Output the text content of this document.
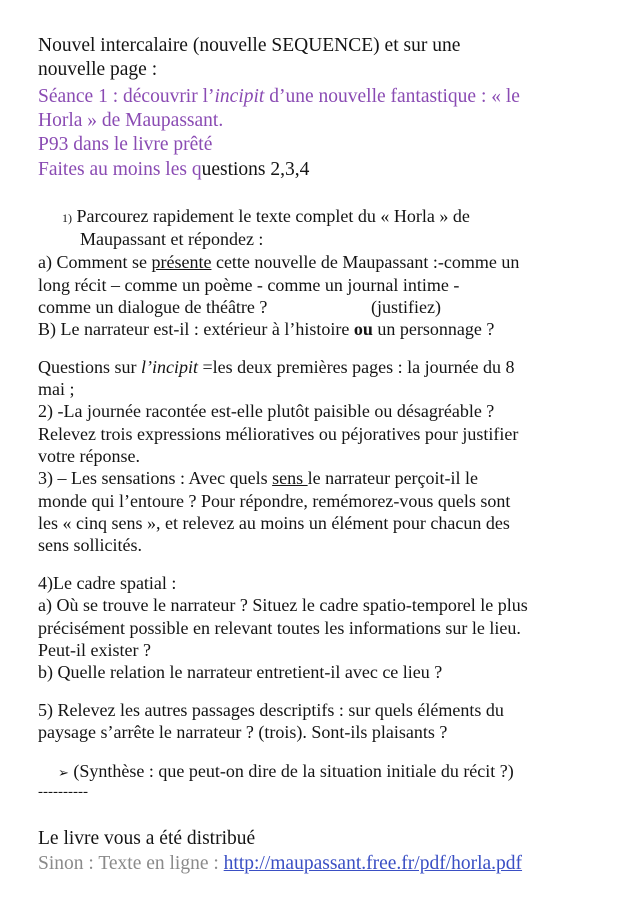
Nouvel intercalaire (nouvelle SEQUENCE) et sur une
nouvelle page :
Séance 1 : découvrir l’incipit d’une nouvelle fantastique : « le
Horla » de Maupassant.
P93 dans le livre prêté
Faites au moins les questions 2,3,4
1) Parcourez rapidement le texte complet du « Horla » de
Maupassant et répondez :
a) Comment se présente cette nouvelle de Maupassant :-comme un
long récit – comme un poème - comme un journal intime -
comme un dialogue de théâtre ?	(justifiez)
B) Le narrateur est-il : extérieur à l’histoire ou un personnage ?
Questions sur l’incipit =les deux premières pages : la journée du 8
mai ;
2) -La journée racontée est-elle plutôt paisible ou désagréable ?
Relevez trois expressions mélioratives ou péjoratives pour justifier
votre réponse.
3) – Les sensations : Avec quels sens le narrateur perçoit-il le
monde qui l’entoure ? Pour répondre, remémorez-vous quels sont
les « cinq sens », et relevez au moins un élément pour chacun des
sens sollicités.
4)Le cadre spatial :
a) Où se trouve le narrateur ? Situez le cadre spatio-temporel le plus
précisément possible en relevant toutes les informations sur le lieu.
Peut-il exister ?
b) Quelle relation le narrateur entretient-il avec ce lieu ?
5) Relevez les autres passages descriptifs : sur quels éléments du
paysage s’arrête le narrateur ? (trois). Sont-ils plaisants ?
➢ (Synthèse : que peut-on dire de la situation initiale du récit ?)
----------
Le livre vous a été distribué
Sinon : Texte en ligne : http://maupassant.free.fr/pdf/horla.pdf
